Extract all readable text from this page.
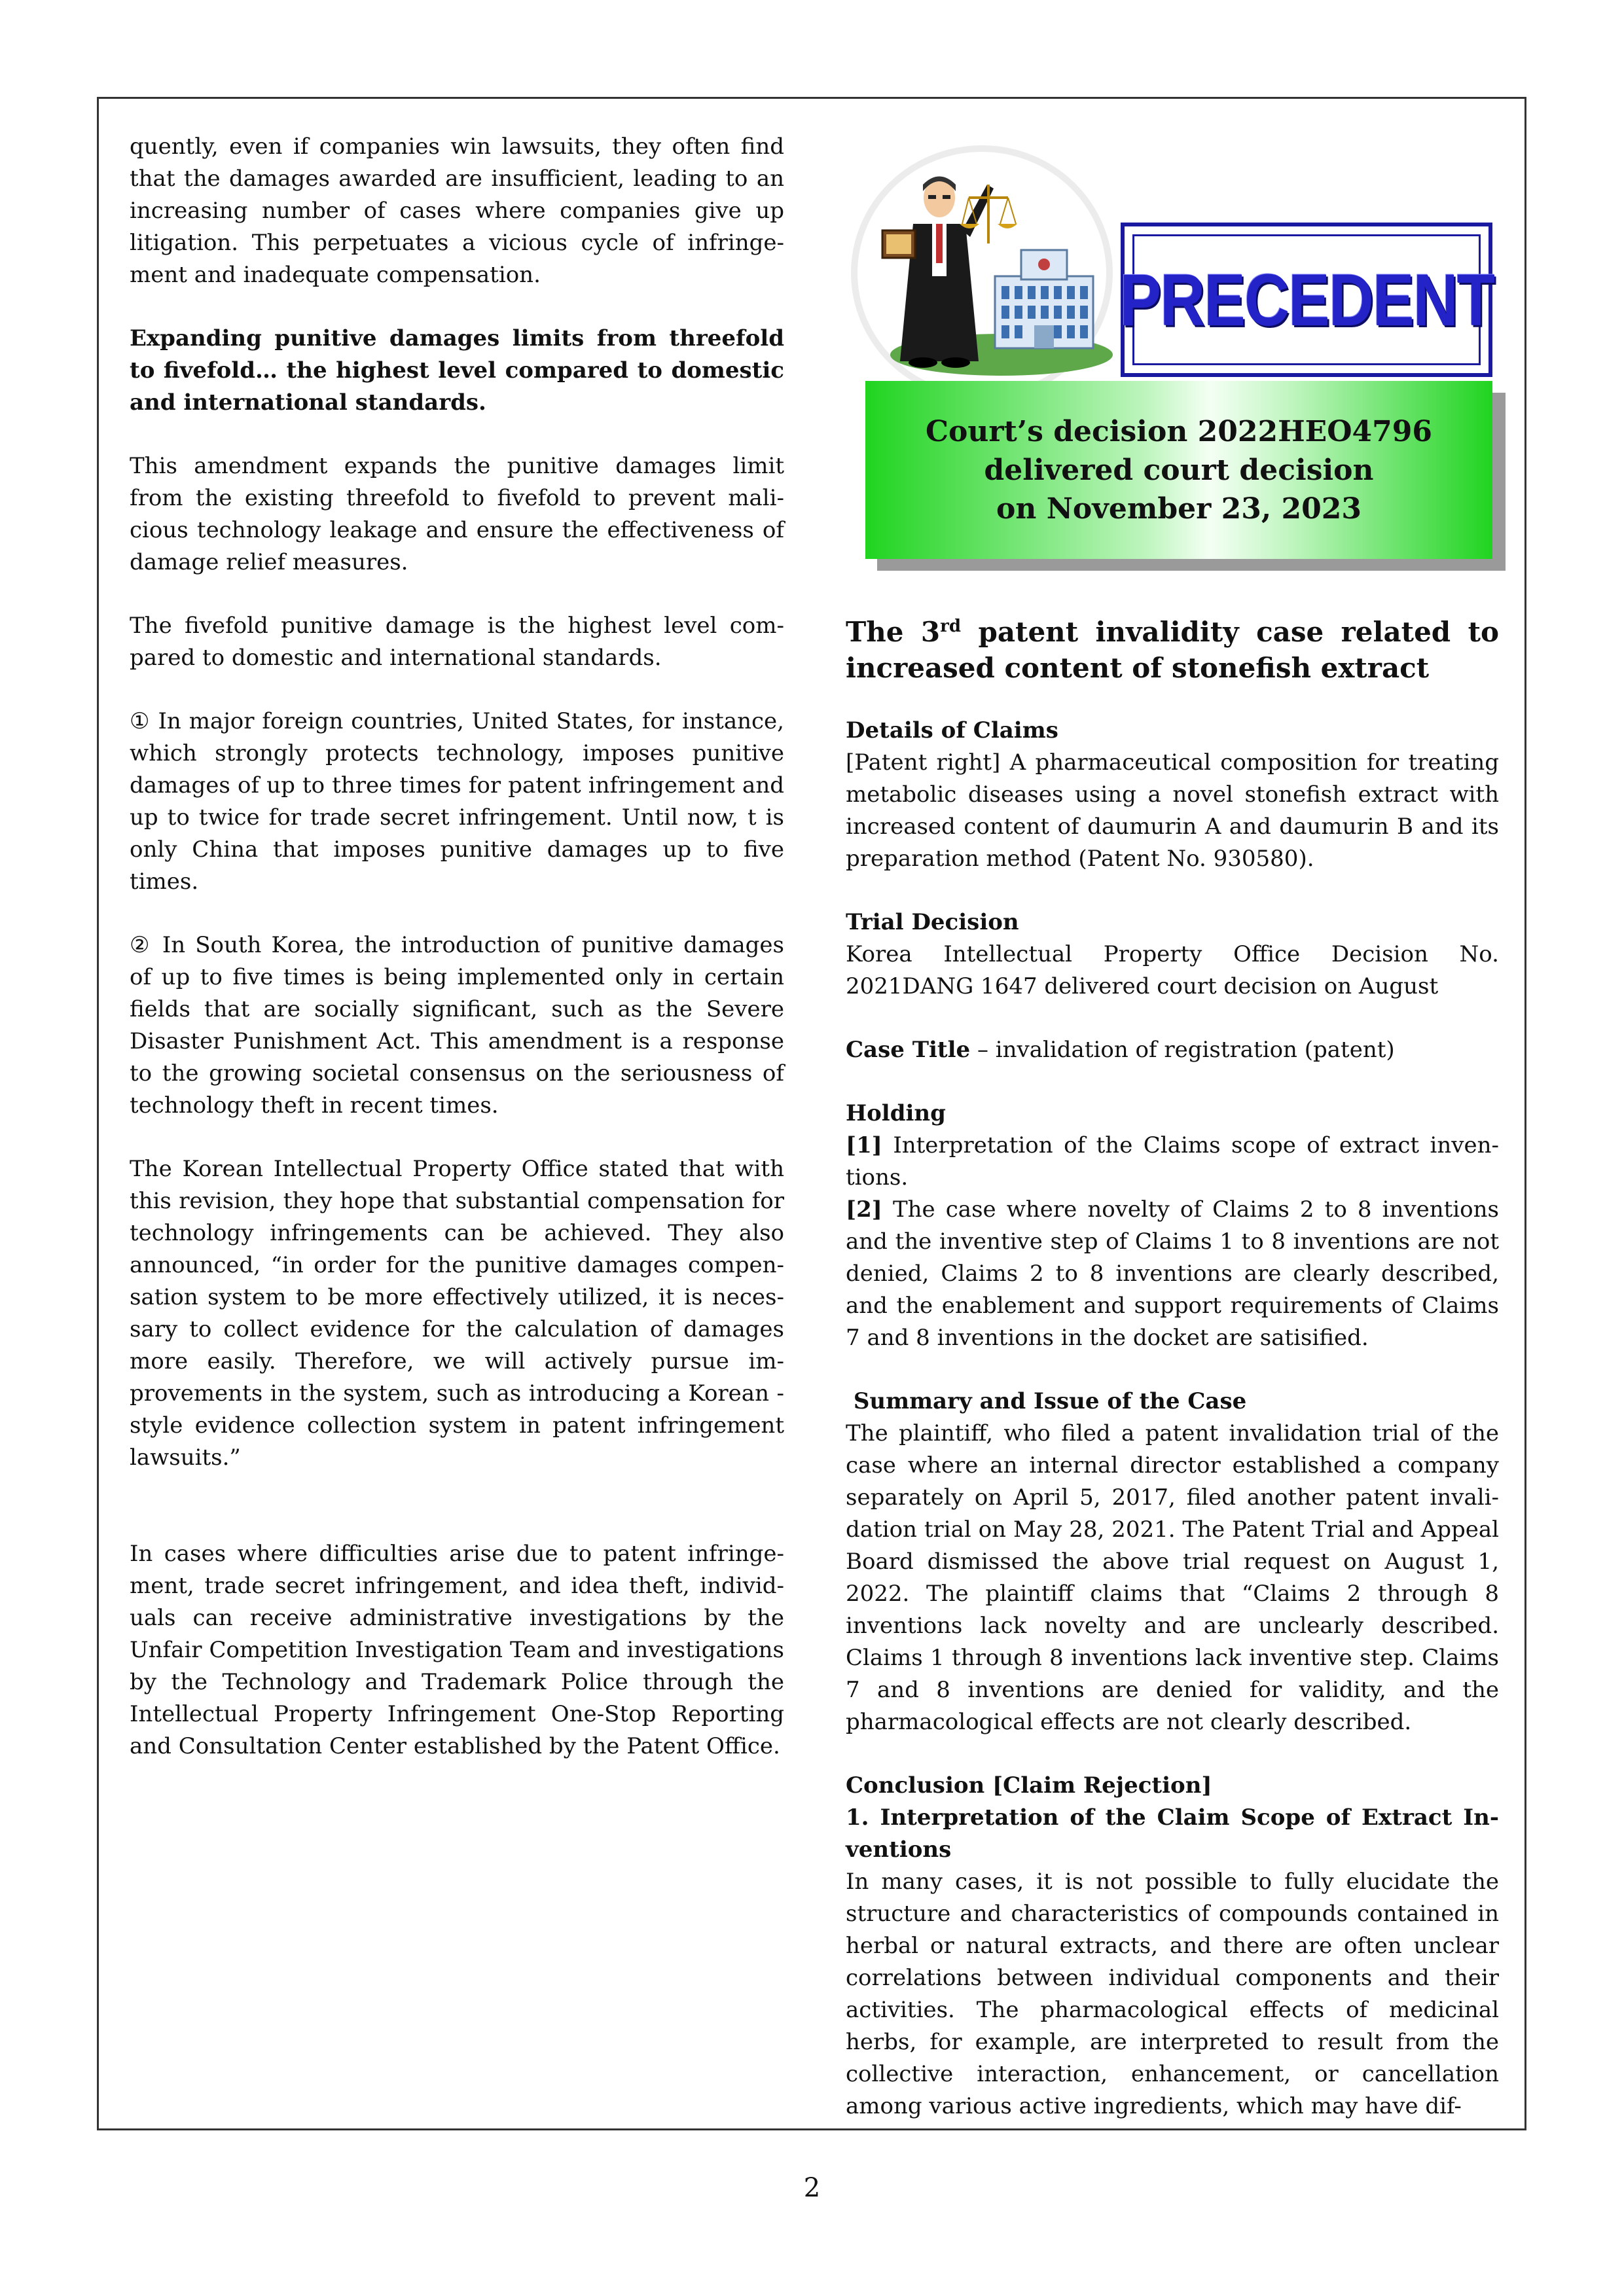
quently, even if companies win lawsuits, they often find that the damages awarded are insufficient, leading to an increasing number of cases where companies give up litigation. This perpetuates a vicious cycle of infringement and inadequate compensation.

Expanding punitive damages limits from threefold to fivefold… the highest level compared to domestic and international standards.

This amendment expands the punitive damages limit from the existing threefold to fivefold to prevent malicious technology leakage and ensure the effectiveness of damage relief measures.

The fivefold punitive damage is the highest level compared to domestic and international standards.

① In major foreign countries, United States, for instance, which strongly protects technology, imposes punitive damages of up to three times for patent infringement and up to twice for trade secret infringement. Until now, t is only China that imposes punitive damages up to five times.

② In South Korea, the introduction of punitive damages of up to five times is being implemented only in certain fields that are socially significant, such as the Severe Disaster Punishment Act. This amendment is a response to the growing societal consensus on the seriousness of technology theft in recent times.

The Korean Intellectual Property Office stated that with this revision, they hope that substantial compensation for technology infringements can be achieved. They also announced, “in order for the punitive damages compensation system to be more effectively utilized, it is necessary to collect evidence for the calculation of damages more easily. Therefore, we will actively pursue improvements in the system, such as introducing a Korean -style evidence collection system in patent infringement lawsuits.”

In cases where difficulties arise due to patent infringement, trade secret infringement, and idea theft, individuals can receive administrative investigations by the Unfair Competition Investigation Team and investigations by the Technology and Trademark Police through the Intellectual Property Infringement One-Stop Reporting and Consultation Center established by the Patent Office.

PRECEDENT
Court’s decision 2022HEO4796
delivered court decision
on November 23, 2023
The 3rd patent invalidity case related to increased content of stonefish extract
Details of Claims
[Patent right] A pharmaceutical composition for treating metabolic diseases using a novel stonefish extract with increased content of daumurin A and daumurin B and its preparation method (Patent No. 930580).
Trial Decision
Korea Intellectual Property Office Decision No. 2021DANG 1647 delivered court decision on August
Case Title – invalidation of registration (patent)
Holding
[1] Interpretation of the Claims scope of extract inventions.
[2] The case where novelty of Claims 2 to 8 inventions and the inventive step of Claims 1 to 8 inventions are not denied, Claims 2 to 8 inventions are clearly described, and the enablement and support requirements of Claims 7 and 8 inventions in the docket are satisified.
Summary and Issue of the Case
The plaintiff, who filed a patent invalidation trial of the case where an internal director established a company separately on April 5, 2017, filed another patent invalidation trial on May 28, 2021. The Patent Trial and Appeal Board dismissed the above trial request on August 1, 2022. The plaintiff claims that “Claims 2 through 8 inventions lack novelty and are unclearly described. Claims 1 through 8 inventions lack inventive step. Claims 7 and 8 inventions are denied for validity, and the pharmacological effects are not clearly described.
Conclusion [Claim Rejection]
1. Interpretation of the Claim Scope of Extract Inventions
In many cases, it is not possible to fully elucidate the structure and characteristics of compounds contained in herbal or natural extracts, and there are often unclear correlations between individual components and their activities. The pharmacological effects of medicinal herbs, for example, are interpreted to result from the collective interaction, enhancement, or cancellation among various active ingredients, which may have dif-
2
